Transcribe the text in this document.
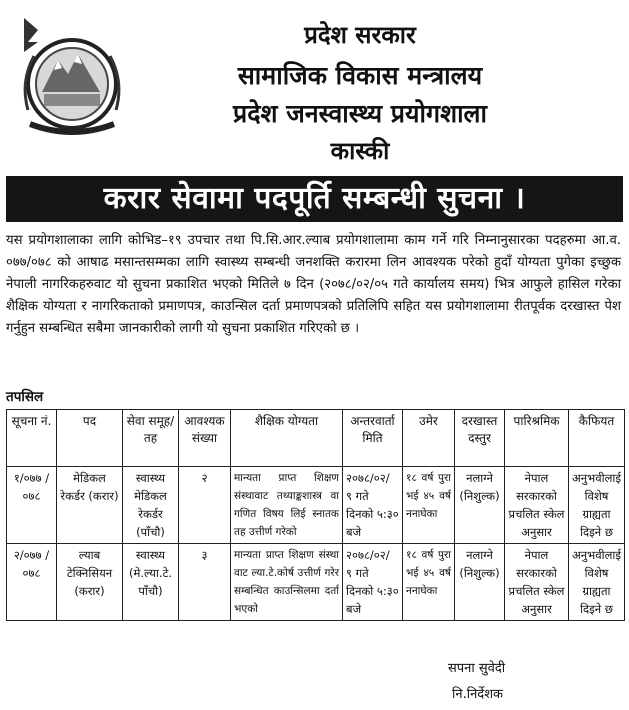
प्रदेश सरकार
सामाजिक विकास मन्त्रालय
प्रदेश जनस्वास्थ्य प्रयोगशाला
कास्की
करार सेवामा पदपूर्ति सम्बन्धी सुचना ।
यस प्रयोगशालाका लागि कोभिड–१९ उपचार तथा पि.सि.आर.ल्याब प्रयोगशालामा काम गर्ने गरि निम्नानुसारका पदहरुमा आ.व. ०७७/०७८ को आषाढ मसान्तसम्मका लागि स्वास्थ्य सम्बन्धी जनशक्ति करारमा लिन आवश्यक परेको हुदाँ योग्यता पुगेका इच्छुक नेपाली नागरिकहरुवाट यो सुचना प्रकाशित भएको मितिले ७ दिन (२०७८/०२/०५ गते कार्यालय समय) भित्र आफुले हासिल गरेका शैक्षिक योग्यता र नागरिकताको प्रमाणपत्र, काउन्सिल दर्ता प्रमाणपत्रको प्रतिलिपि सहित यस प्रयोगशालामा रीतपूर्वक दरखास्त पेश गर्नुहुन सम्बन्धित सबैमा जानकारीको लागी यो सुचना प्रकाशित गरिएको छ ।
तपसिल
सूचना नं.	पद	सेवा समूह/ तह	आवश्यक संख्या	शैक्षिक योग्यता	अन्तरवार्ता मिति	उमेर	दरखास्त दस्तुर	पारिश्रमिक	कैफियत
१/०७७ /०७८	मेडिकल रेकर्डर (करार)	स्वास्थ्य मेडिकल रेकर्डर (पाँचौ)	२	मान्यता प्राप्त शिक्षण संस्थावाट तथ्याङ्कशास्त्र वा गणित विषय लिई स्नातक तह उत्तीर्ण गरेको	२०७८/०२/ ९ गते दिनको ५:३० बजे	१८ वर्ष पुरा भई ४५ वर्ष ननाघेका	नलाग्ने (निशुल्क)	नेपाल सरकारको प्रचलित स्केल अनुसार	अनुभवीलाई विशेष ग्राह्यता दिइने छ
२/०७७ /०७८	ल्याब टेक्निसियन (करार)	स्वास्थ्य (मे.ल्या.टे. पाँचौ)	३	मान्यता प्राप्त शिक्षण संस्था वाट ल्या.टे.कोर्ष उत्तीर्ण गरेर सम्बन्धित काउन्सिलमा दर्ता भएको	२०७८/०२/ ९ गते दिनको ५:३० बजे	१८ वर्ष पुरा भई ४५ वर्ष ननाघेका	नलाग्ने (निशुल्क)	नेपाल सरकारको प्रचलित स्केल अनुसार	अनुभवीलाई विशेष ग्राह्यता दिइने छ
सपना सुवेदी
नि.निर्देशक
